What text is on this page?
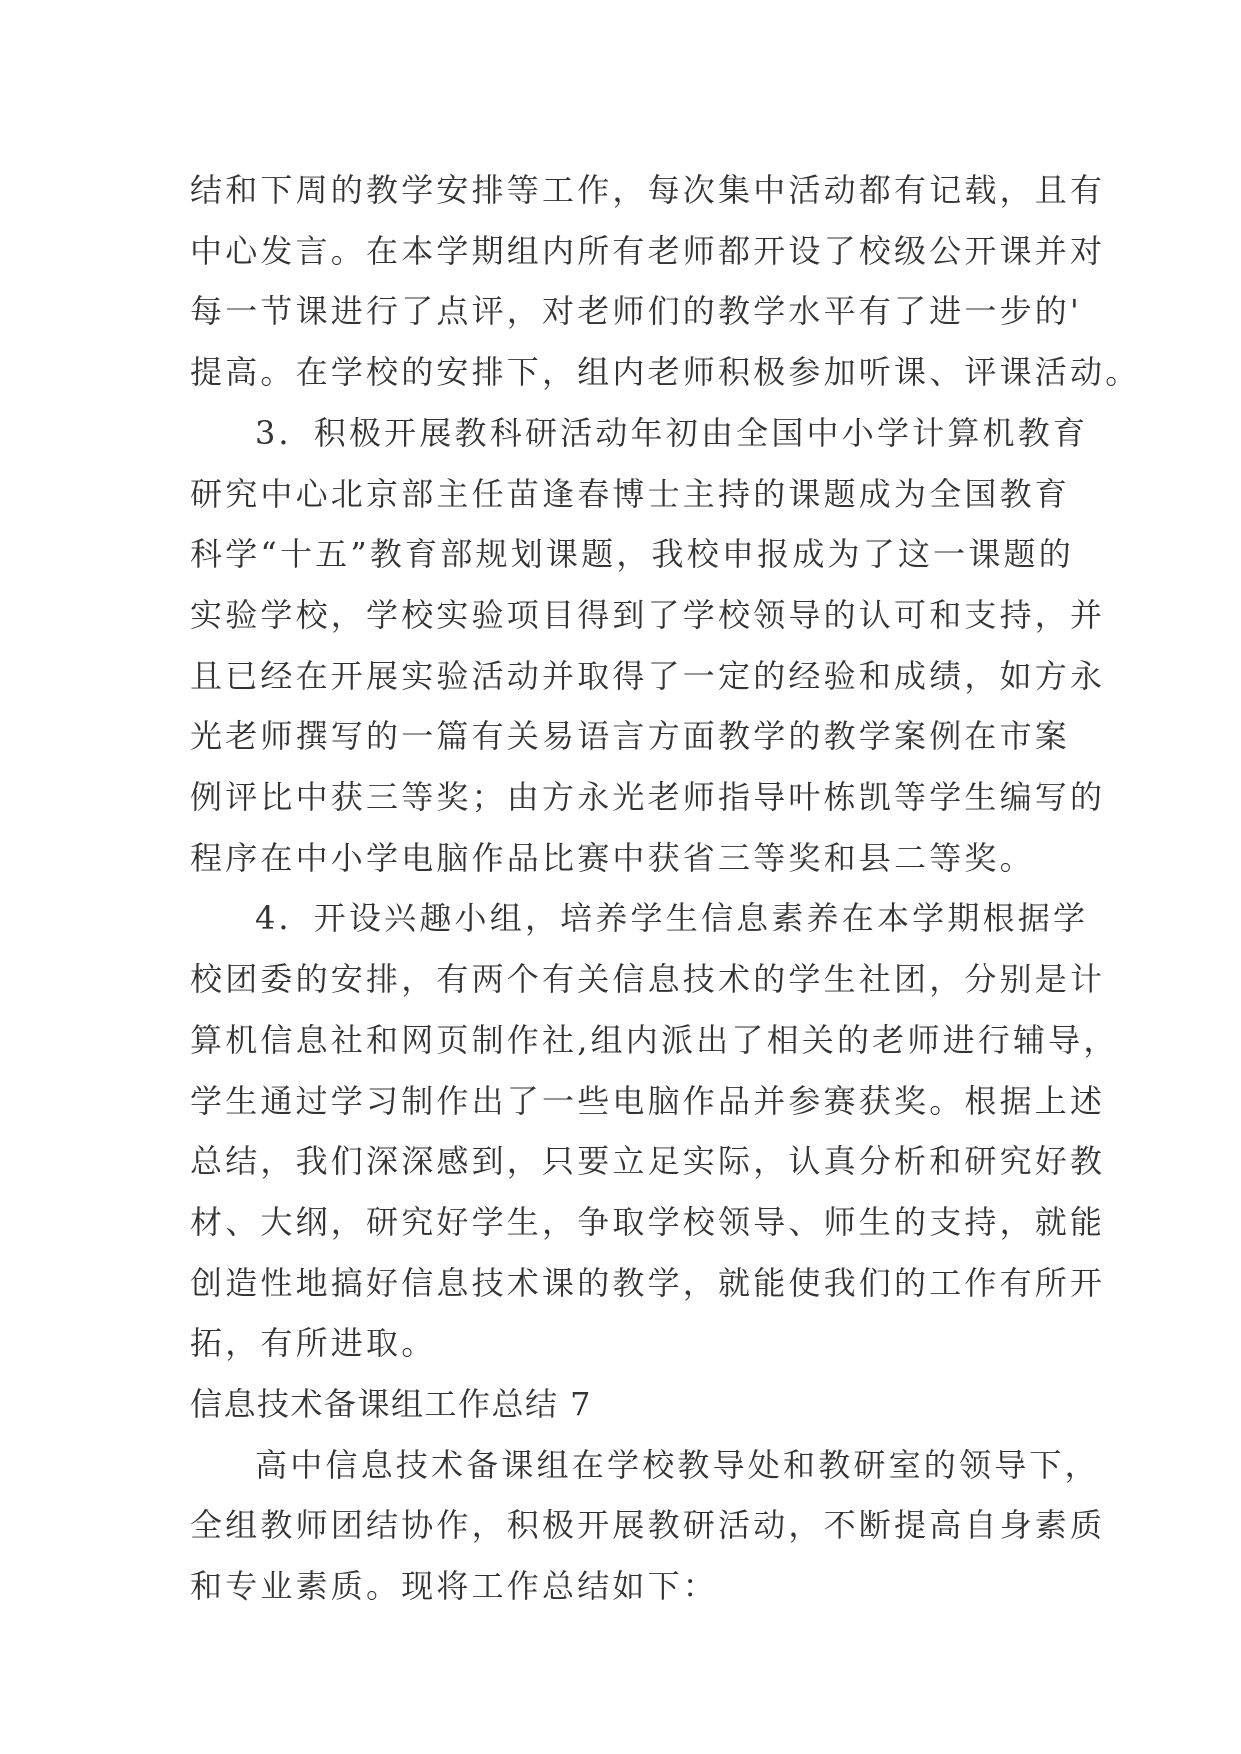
结和下周的教学安排等工作，每次集中活动都有记载，且有
中心发言。在本学期组内所有老师都开设了校级公开课并对
每一节课进行了点评，对老师们的教学水平有了进一步的'
提高。在学校的安排下，组内老师积极参加听课、评课活动。
3．积极开展教科研活动年初由全国中小学计算机教育
研究中心北京部主任苗逢春博士主持的课题成为全国教育
科学“十五”教育部规划课题，我校申报成为了这一课题的
实验学校，学校实验项目得到了学校领导的认可和支持，并
且已经在开展实验活动并取得了一定的经验和成绩，如方永
光老师撰写的一篇有关易语言方面教学的教学案例在市案
例评比中获三等奖；由方永光老师指导叶栋凯等学生编写的
程序在中小学电脑作品比赛中获省三等奖和县二等奖。
4．开设兴趣小组，培养学生信息素养在本学期根据学
校团委的安排，有两个有关信息技术的学生社团，分别是计
算机信息社和网页制作社,组内派出了相关的老师进行辅导，
学生通过学习制作出了一些电脑作品并参赛获奖。根据上述
总结，我们深深感到，只要立足实际，认真分析和研究好教
材、大纲，研究好学生，争取学校领导、师生的支持，就能
创造性地搞好信息技术课的教学，就能使我们的工作有所开
拓，有所进取。
信息技术备课组工作总结 7
高中信息技术备课组在学校教导处和教研室的领导下，
全组教师团结协作，积极开展教研活动，不断提高自身素质
和专业素质。现将工作总结如下：
